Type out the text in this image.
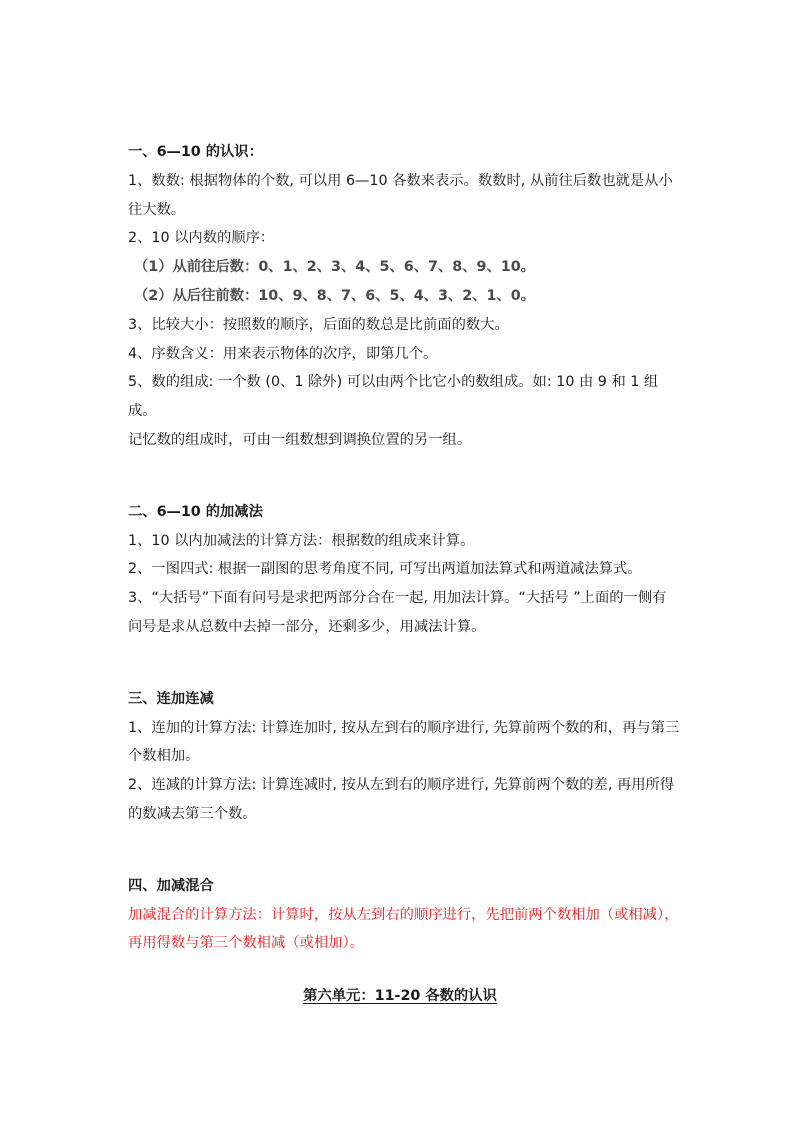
一、6—10 的认识：
1、数数: 根据物体的个数, 可以用 6—10 各数来表示。数数时, 从前往后数也就是从小往大数。
2、10 以内数的顺序：
（1）从前往后数：0、1、2、3、4、5、6、7、8、9、10。
（2）从后往前数：10、9、8、7、6、5、4、3、2、1、0。
3、比较大小：按照数的顺序，后面的数总是比前面的数大。
4、序数含义：用来表示物体的次序，即第几个。
5、数的组成: 一个数 (0、1 除外) 可以由两个比它小的数组成。如: 10 由 9 和 1 组成。
记忆数的组成时，可由一组数想到调换位置的另一组。
二、6—10 的加减法
1、10 以内加减法的计算方法：根据数的组成来计算。
2、一图四式: 根据一副图的思考角度不同, 可写出两道加法算式和两道减法算式。
3、“大括号”下面有问号是求把两部分合在一起, 用加法计算。“大括号 ”上面的一侧有问号是求从总数中去掉一部分，还剩多少，用减法计算。
三、连加连减
1、连加的计算方法: 计算连加时, 按从左到右的顺序进行, 先算前两个数的和，再与第三个数相加。
2、连减的计算方法: 计算连减时, 按从左到右的顺序进行, 先算前两个数的差, 再用所得的数减去第三个数。
四、加减混合
加减混合的计算方法：计算时，按从左到右的顺序进行，先把前两个数相加（或相减），再用得数与第三个数相减（或相加）。
第六单元：11-20 各数的认识
